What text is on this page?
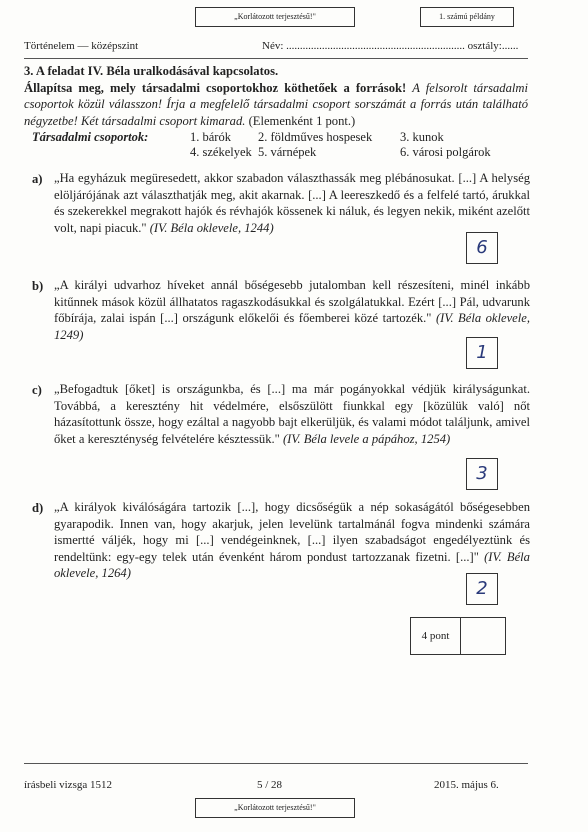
„Korlátozott terjesztésű!"	1. számú példány
Történelem — középszint	Név: ................................................................. osztály:......
3. A feladat IV. Béla uralkodásával kapcsolatos.
Állapítsa meg, mely társadalmi csoportokhoz köthetőek a források! A felsorolt társadalmi csoportok közül válasszon! Írja a megfelelő társadalmi csoport sorszámát a forrás után található négyzetbe! Két társadalmi csoport kimarad. (Elemenként 1 pont.)
Társadalmi csoportok:	1. bárók 2. földműves hospesek 3. kunok
4. székelyek 5. várnépek	6. városi polgárok
a) „Ha egyházuk megüresedett, akkor szabadon választhassák meg plébánosukat. [...] A helység elöljárójának azt választhatják meg, akit akarnak. [...] A leereszkedő és a felfelé tartó, árukkal és szekerekkel megrakott hajók és révhajók kössenek ki náluk, és legyen nekik, miként azelőtt volt, napi piacuk." (IV. Béla oklevele, 1244)
6
b) „A királyi udvarhoz híveket annál bőségesebb jutalomban kell részesíteni, minél inkább kitűnnek mások közül állhatatos ragaszkodásukkal és szolgálatukkal. Ezért [...] Pál, udvarunk főbírája, zalai ispán [...] országunk előkelői és főemberei közé tartozék." (IV. Béla oklevele, 1249)
1
c) „Befogadtuk [őket] is országunkba, és [...] ma már pogányokkal védjük királyságunkat. Továbbá, a keresztény hit védelmére, elsőszülött fiunkkal egy [közülük való] nőt házasítottunk össze, hogy ezáltal a nagyobb bajt elkerüljük, és valami módot találjunk, amivel őket a kereszténység felvételére késztessük." (IV. Béla levele a pápához, 1254)
3
d) „A királyok kiválóságára tartozik [...], hogy dicsőségük a nép sokaságától bőségesebben gyarapodik. Innen van, hogy akarjuk, jelen levelünk tartalmánál fogva mindenki számára ismertté váljék, hogy mi [...] vendégeinknek, [...] ilyen szabadságot engedélyeztünk és rendeltünk: egy-egy telek után évenként három pondust tartozzanak fizetni. [...]" (IV. Béla oklevele, 1264)
2
4 pont
írásbeli vizsga 1512	5 / 28	2015. május 6.
„Korlátozott terjesztésű!"
